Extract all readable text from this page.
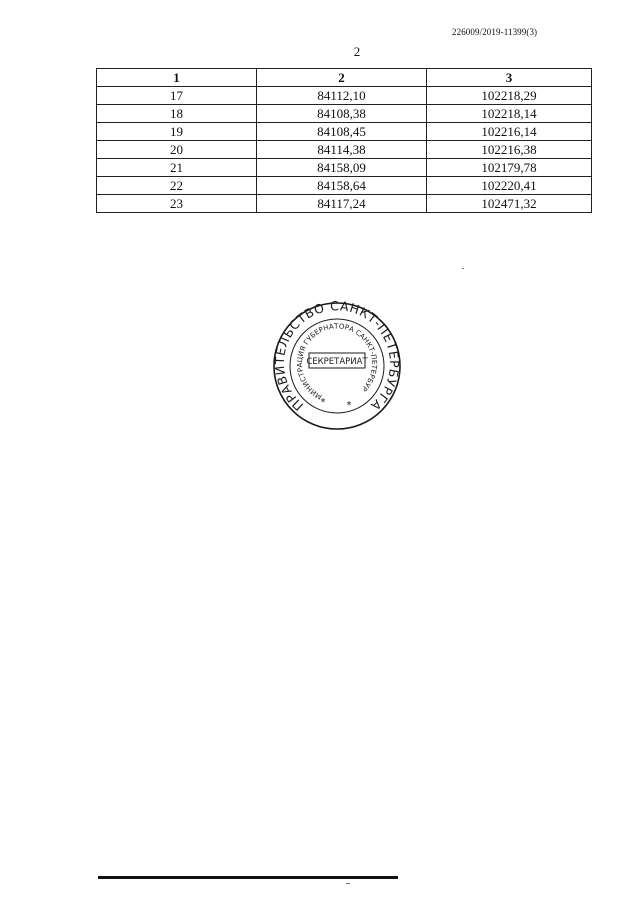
226009/2019-11399(3)
2
1	2	3
17	84112,10	102218,29
18	84108,38	102218,14
19	84108,45	102216,14
20	84114,38	102216,38
21	84158,09	102179,78
22	84158,64	102220,41
23	84117,24	102471,32
ПРАВИТЕЛЬСТВО САНКТ-ПЕТЕРБУРГА
МИНИСТРАЦИЯ ГУБЕРНАТОРА САНКТ-ПЕТЕРБУР
СЕКРЕТАРИАТ
* *
